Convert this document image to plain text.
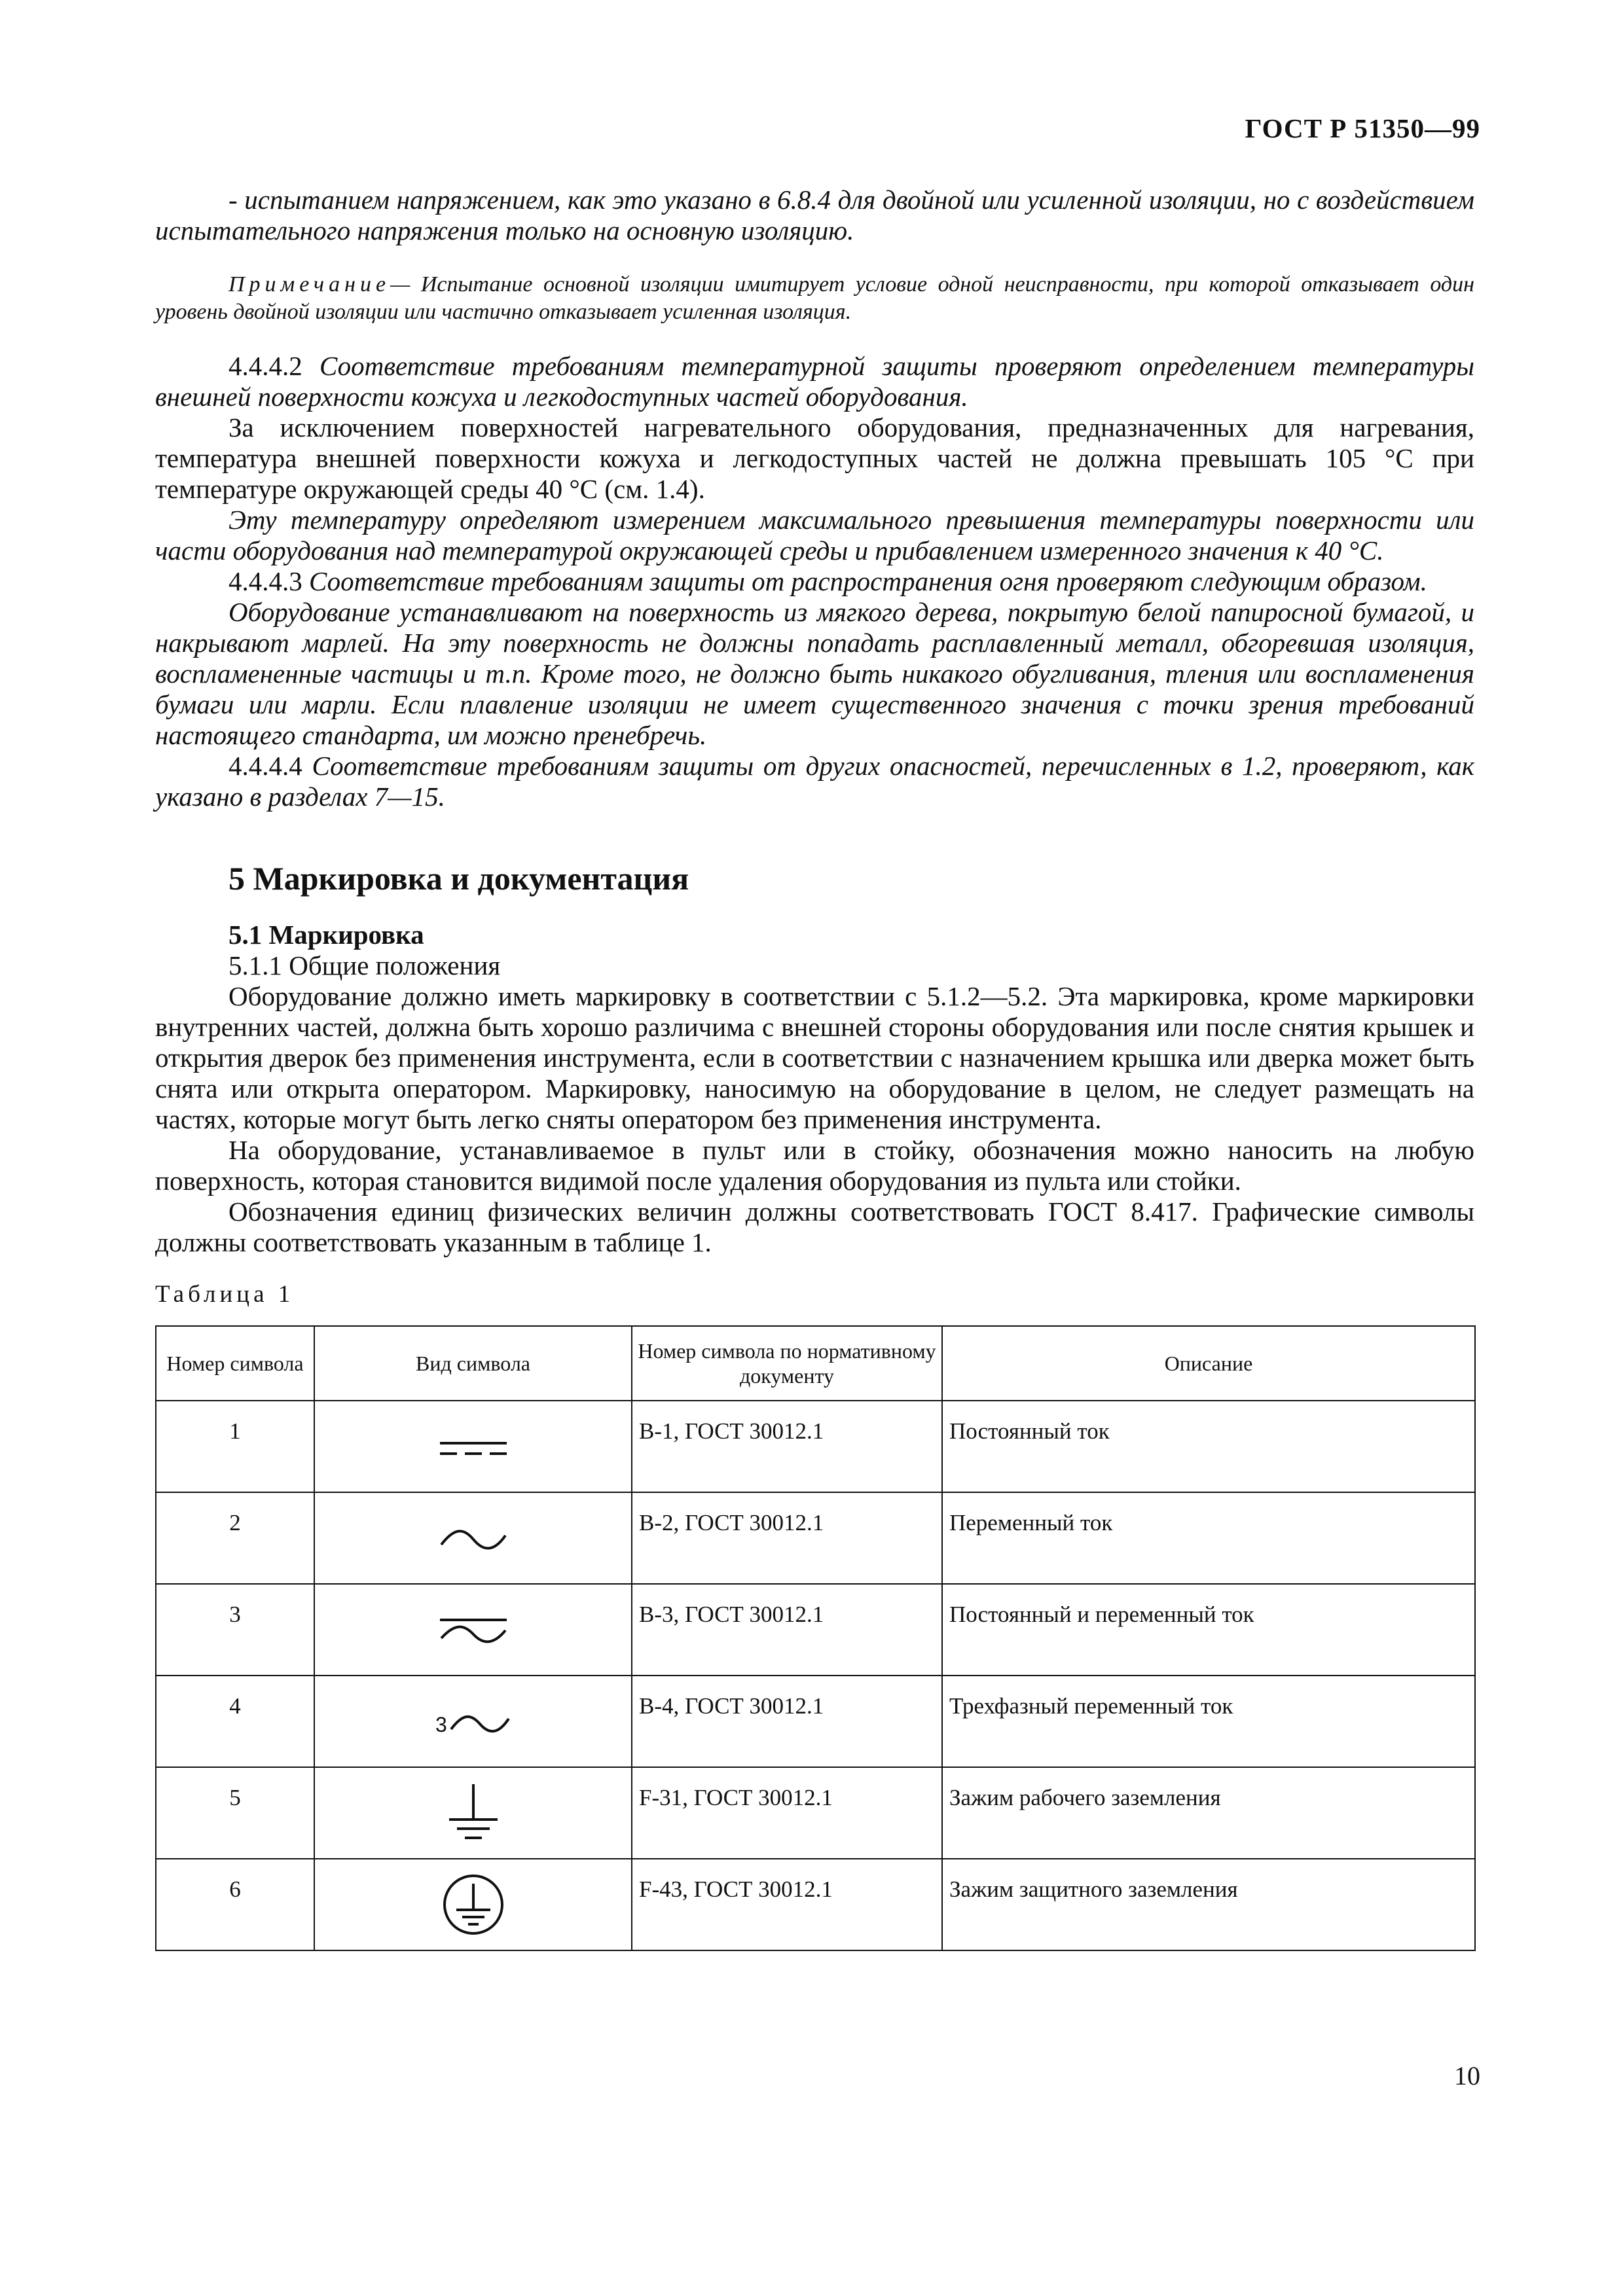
ГОСТ Р 51350—99

- испытанием напряжением, как это указано в 6.8.4 для двойной или усиленной изоляции, но с воздействием испытательного напряжения только на основную изоляцию.

Примечание— Испытание основной изоляции имитирует условие одной неисправности, при которой отказывает один уровень двойной изоляции или частично отказывает усиленная изоляция.

4.4.4.2 Соответствие требованиям температурной защиты проверяют определением температуры внешней поверхности кожуха и легкодоступных частей оборудования.

За исключением поверхностей нагревательного оборудования, предназначенных для нагревания, температура внешней поверхности кожуха и легкодоступных частей не должна превышать 105 °С при температуре окружающей среды 40 °С (см. 1.4).

Эту температуру определяют измерением максимального превышения температуры поверхности или части оборудования над температурой окружающей среды и прибавлением измеренного значения к 40 °С.

4.4.4.3 Соответствие требованиям защиты от распространения огня проверяют следующим образом.

Оборудование устанавливают на поверхность из мягкого дерева, покрытую белой папиросной бумагой, и накрывают марлей. На эту поверхность не должны попадать расплавленный металл, обгоревшая изоляция, воспламененные частицы и т.п. Кроме того, не должно быть никакого обугливания, тления или воспламенения бумаги или марли. Если плавление изоляции не имеет существенного значения с точки зрения требований настоящего стандарта, им можно пренебречь.

4.4.4.4 Соответствие требованиям защиты от других опасностей, перечисленных в 1.2, проверяют, как указано в разделах 7—15.

5 Маркировка и документация

5.1 Маркировка

5.1.1 Общие положения

Оборудование должно иметь маркировку в соответствии с 5.1.2—5.2. Эта маркировка, кроме маркировки внутренних частей, должна быть хорошо различима с внешней стороны оборудования или после снятия крышек и открытия дверок без применения инструмента, если в соответствии с назначением крышка или дверка может быть снята или открыта оператором. Маркировку, наносимую на оборудование в целом, не следует размещать на частях, которые могут быть легко сняты оператором без применения инструмента.

На оборудование, устанавливаемое в пульт или в стойку, обозначения можно наносить на любую поверхность, которая становится видимой после удаления оборудования из пульта или стойки.

Обозначения единиц физических величин должны соответствовать ГОСТ 8.417. Графические символы должны соответствовать указанным в таблице 1.

Таблица 1
Номер символа	Вид символа	Номер символа по нормативному документу	Описание
1		В-1, ГОСТ 30012.1	Постоянный ток
2		В-2, ГОСТ 30012.1	Переменный ток
3		В-3, ГОСТ 30012.1	Постоянный и переменный ток
4	3	В-4, ГОСТ 30012.1	Трехфазный переменный ток
5		F-31, ГОСТ 30012.1	Зажим рабочего заземления
6		F-43, ГОСТ 30012.1	Зажим защитного заземления
10
